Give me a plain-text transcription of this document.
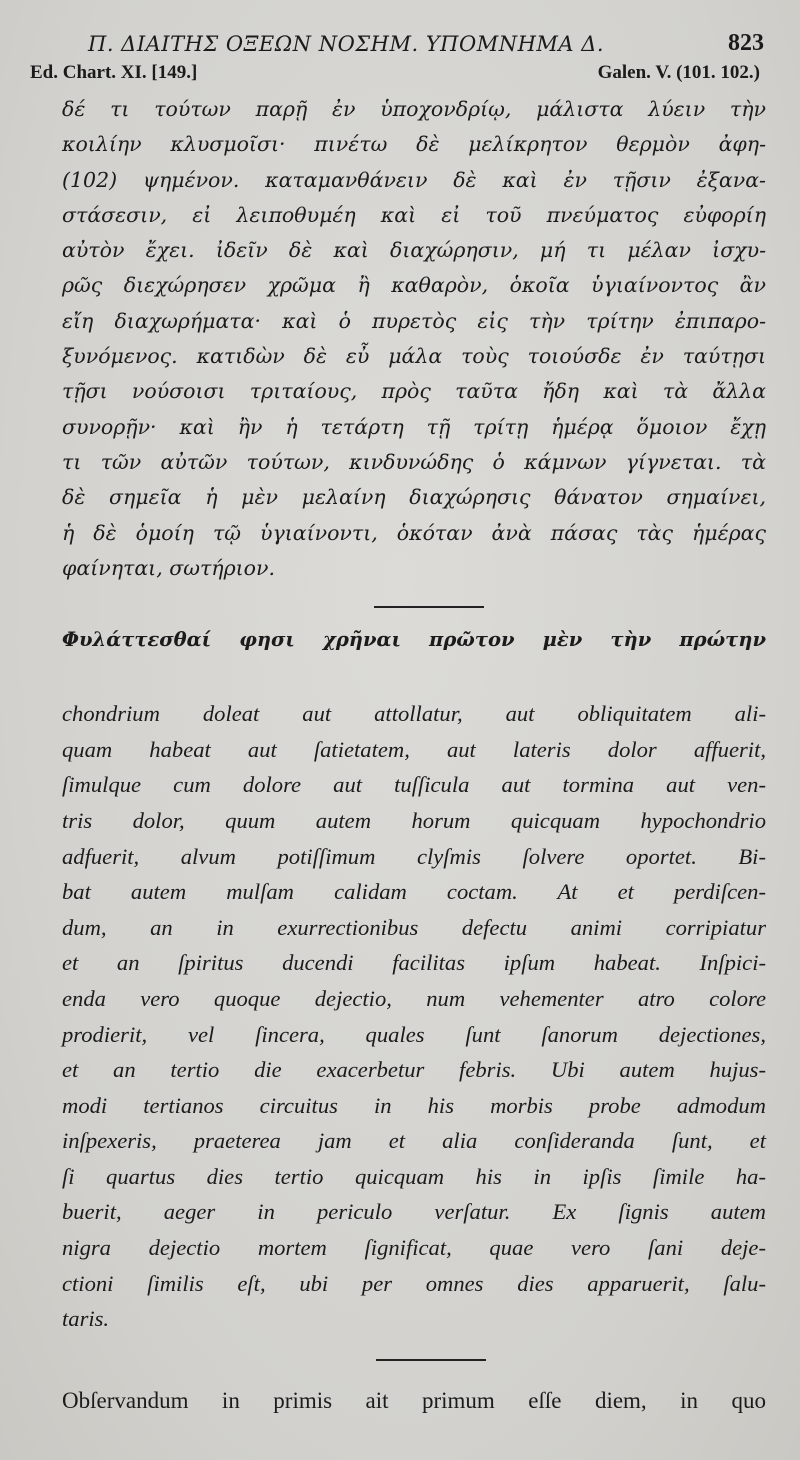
Π. ΔΙΑΙΤΗΣ ΟΞΕΩΝ ΝΟΣΗΜ. ΥΠΟΜΝΗΜΑ Δ.	823
Ed. Chart. XI. [149.]	Galen. V. (101. 102.)
δέ τι τούτων παρῇ ἐν ὑποχονδρίῳ, μάλιστα λύειν τὴν
κοιλίην κλυσμοῖσι· πινέτω δὲ μελίκρητον θερμὸν ἀφη-
(102) ψημένον. καταμανθάνειν δὲ καὶ ἐν τῇσιν ἐξανα-
στάσεσιν, εἰ λειποθυμέη καὶ εἰ τοῦ πνεύματος εὐφορίη
αὐτὸν ἔχει. ἰδεῖν δὲ καὶ διαχώρησιν, μή τι μέλαν ἰσχυ-
ρῶς διεχώρησεν χρῶμα ἢ καθαρὸν, ὁκοῖα ὑγιαίνοντος ἂν
εἴη διαχωρήματα· καὶ ὁ πυρετὸς εἰς τὴν τρίτην ἐπιπαρο-
ξυνόμενος. κατιδὼν δὲ εὖ μάλα τοὺς τοιούσδε ἐν ταύτῃσι
τῇσι νούσοισι τριταίους, πρὸς ταῦτα ἤδη καὶ τὰ ἄλλα
συνορῇν· καὶ ἢν ἡ τετάρτη τῇ τρίτῃ ἡμέρᾳ ὅμοιον ἔχῃ
τι τῶν αὐτῶν τούτων, κινδυνώδης ὁ κάμνων γίγνεται. τὰ
δὲ σημεῖα ἡ μὲν μελαίνη διαχώρησις θάνατον σημαίνει,
ἡ δὲ ὁμοίη τῷ ὑγιαίνοντι, ὁκόταν ἀνὰ πάσας τὰς ἡμέρας
φαίνηται, σωτήριον.
Φυλάττεσθαί φησι χρῆναι πρῶτον μὲν τὴν πρώτην
chondrium doleat aut attollatur, aut obliquitatem ali-
quam habeat aut ſatietatem, aut lateris dolor affuerit,
ſimulque cum dolore aut tuſſicula aut tormina aut ven-
tris dolor, quum autem horum quicquam hypochondrio
adfuerit, alvum potiſſimum clyſmis ſolvere oportet. Bi-
bat autem mulſam calidam coctam. At et perdiſcen-
dum, an in exurrectionibus defectu animi corripiatur
et an ſpiritus ducendi facilitas ipſum habeat. Inſpici-
enda vero quoque dejectio, num vehementer atro colore
prodierit, vel ſincera, quales ſunt ſanorum dejectiones,
et an tertio die exacerbetur febris. Ubi autem hujus-
modi tertianos circuitus in his morbis probe admodum
inſpexeris, praeterea jam et alia conſideranda ſunt, et
ſi quartus dies tertio quicquam his in ipſis ſimile ha-
buerit, aeger in periculo verſatur. Ex ſignis autem
nigra dejectio mortem ſignificat, quae vero ſani deje-
ctioni ſimilis eſt, ubi per omnes dies apparuerit, ſalu-
taris.
Obſervandum in primis ait primum eſſe diem, in quo
